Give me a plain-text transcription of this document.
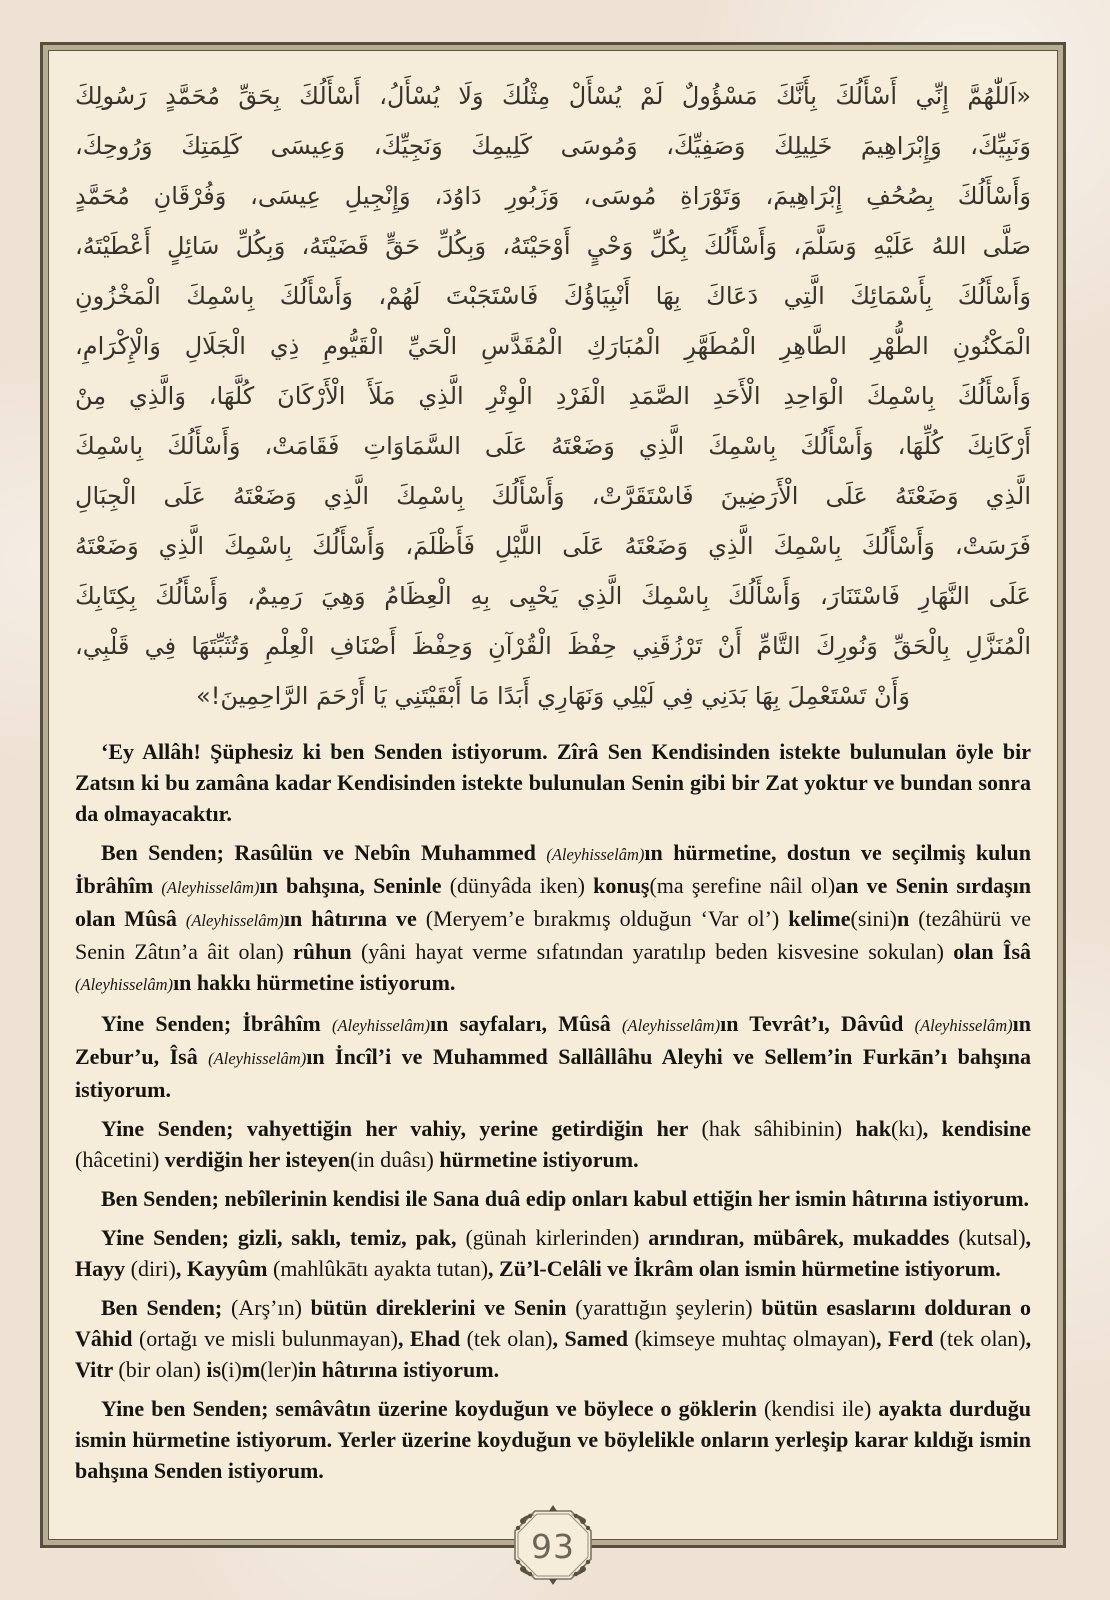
«اَللّٰهُمَّ إِنِّي أَسْأَلُكَ بِأَنَّكَ مَسْؤُولٌ لَمْ يُسْأَلْ مِثْلُكَ وَلَا يُسْأَلُ، أَسْأَلُكَ بِحَقِّ مُحَمَّدٍ رَسُولِكَ
وَنَبِيِّكَ، وَإِبْرَاهِيمَ خَلِيلِكَ وَصَفِيِّكَ، وَمُوسَى كَلِيمِكَ وَنَجِيِّكَ، وَعِيسَى كَلِمَتِكَ وَرُوحِكَ،
وَأَسْأَلُكَ بِصُحُفِ إِبْرَاهِيمَ، وَتَوْرَاةِ مُوسَى، وَزَبُورِ دَاوُدَ، وَإِنْجِيلِ عِيسَى، وَفُرْقَانِ مُحَمَّدٍ
صَلَّى اللهُ عَلَيْهِ وَسَلَّمَ، وَأَسْأَلُكَ بِكُلِّ وَحْيٍ أَوْحَيْتَهُ، وَبِكُلِّ حَقٍّ قَضَيْتَهُ، وَبِكُلِّ سَائِلٍ أَعْطَيْتَهُ،
وَأَسْأَلُكَ بِأَسْمَائِكَ الَّتِي دَعَاكَ بِهَا أَنْبِيَاؤُكَ فَاسْتَجَبْتَ لَهُمْ، وَأَسْأَلُكَ بِاسْمِكَ الْمَخْزُونِ
الْمَكْنُونِ الطُّهْرِ الطَّاهِرِ الْمُطَهَّرِ الْمُبَارَكِ الْمُقَدَّسِ الْحَيِّ الْقَيُّومِ ذِي الْجَلَالِ وَالْإِكْرَامِ،
وَأَسْأَلُكَ بِاسْمِكَ الْوَاحِدِ الْأَحَدِ الصَّمَدِ الْفَرْدِ الْوِتْرِ الَّذِي مَلَأَ الْأَرْكَانَ كُلَّهَا، وَالَّذِي مِنْ
أَرْكَانِكَ كُلِّهَا، وَأَسْأَلُكَ بِاسْمِكَ الَّذِي وَضَعْتَهُ عَلَى السَّمَاوَاتِ فَقَامَتْ، وَأَسْأَلُكَ بِاسْمِكَ
الَّذِي وَضَعْتَهُ عَلَى الْأَرَضِينَ فَاسْتَقَرَّتْ، وَأَسْأَلُكَ بِاسْمِكَ الَّذِي وَضَعْتَهُ عَلَى الْجِبَالِ
فَرَسَتْ، وَأَسْأَلُكَ بِاسْمِكَ الَّذِي وَضَعْتَهُ عَلَى اللَّيْلِ فَأَظْلَمَ، وَأَسْأَلُكَ بِاسْمِكَ الَّذِي وَضَعْتَهُ
عَلَى النَّهَارِ فَاسْتَنَارَ، وَأَسْأَلُكَ بِاسْمِكَ الَّذِي يَحْيِى بِهِ الْعِظَامُ وَهِيَ رَمِيمٌ، وَأَسْأَلُكَ بِكِتَابِكَ
الْمُنَزَّلِ بِالْحَقِّ وَنُورِكَ التَّامِّ أَنْ تَرْزُقَنِي حِفْظَ الْقُرْآنِ وَحِفْظَ أَصْنَافِ الْعِلْمِ وَتُثَبِّتَهَا فِي قَلْبِي،
وَأَنْ تَسْتَعْمِلَ بِهَا بَدَنِي فِي لَيْلِي وَنَهَارِي أَبَدًا مَا أَبْقَيْتَنِي يَا أَرْحَمَ الرَّاحِمِينَ!»

‘Ey Allâh! Şüphesiz ki ben Senden istiyorum. Zîrâ Sen Kendisinden istekte bulunulan öyle bir Zatsın ki bu zamâna kadar Kendisinden istekte bulunulan Senin gibi bir Zat yoktur ve bundan sonra da olmayacaktır.

Ben Senden; Rasûlün ve Nebîn Muhammed (Aleyhisselâm)ın hürmetine, dostun ve seçilmiş kulun İbrâhîm (Aleyhisselâm)ın bahşına, Seninle (dünyâda iken) konuş(ma şerefine nâil ol)an ve Senin sırdaşın olan Mûsâ (Aleyhisselâm)ın hâtırına ve (Meryem’e bırakmış olduğun ‘Var ol’) kelime(sini)n (tezâhürü ve Senin Zâtın’a âit olan) rûhun (yâni hayat verme sıfatından yaratılıp beden kisvesine sokulan) olan Îsâ (Aleyhisselâm)ın hakkı hürmetine istiyorum.

Yine Senden; İbrâhîm (Aleyhisselâm)ın sayfaları, Mûsâ (Aleyhisselâm)ın Tevrât’ı, Dâvûd (Aleyhisselâm)ın Zebur’u, Îsâ (Aleyhisselâm)ın İncîl’i ve Muhammed Sallâllâhu Aleyhi ve Sellem’in Furkān’ı bahşına istiyorum.

Yine Senden; vahyettiğin her vahiy, yerine getirdiğin her (hak sâhibinin) hak(kı), kendisine (hâcetini) verdiğin her isteyen(in duâsı) hürmetine istiyorum.

Ben Senden; nebîlerinin kendisi ile Sana duâ edip onları kabul ettiğin her ismin hâtırına istiyorum.

Yine Senden; gizli, saklı, temiz, pak, (günah kirlerinden) arındıran, mübârek, mukaddes (kutsal), Hayy (diri), Kayyûm (mahlûkātı ayakta tutan), Zü’l-Celâli ve İkrâm olan ismin hürmetine istiyorum.

Ben Senden; (Arş’ın) bütün direklerini ve Senin (yarattığın şeylerin) bütün esaslarını dolduran o Vâhid (ortağı ve misli bulunmayan), Ehad (tek olan), Samed (kimseye muhtaç olmayan), Ferd (tek olan), Vitr (bir olan) is(i)m(ler)in hâtırına istiyorum.

Yine ben Senden; semâvâtın üzerine koyduğun ve böylece o göklerin (kendisi ile) ayakta durduğu ismin hürmetine istiyorum. Yerler üzerine koyduğun ve böylelikle onların yerleşip karar kıldığı ismin bahşına Senden istiyorum.

93
